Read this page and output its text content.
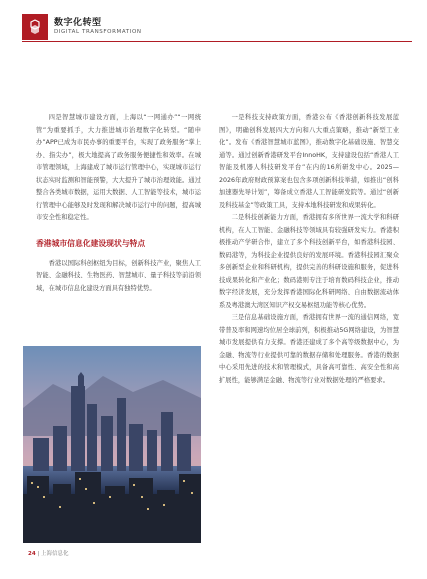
数字化转型
DIGITAL TRANSFORMATION

四是智慧城市建设方面，上海以“一网通办”“一网统管”为重要抓手，大力推进城市治理数字化转型。“随申办”APP已成为市民办事的重要平台，实现了政务服务“掌上办、指尖办”，极大地提高了政务服务便捷性和效率。在城市管理领域，上海建成了城市运行管理中心，实现城市运行状态实时监测和智能预警，大大提升了城市治理效能。通过整合各类城市数据，运用大数据、人工智能等技术，城市运行管理中心能够及时发现和解决城市运行中的问题，提高城市安全性和稳定性。

香港城市信息化建设现状与特点

香港以国际科创枢纽为目标，创新科技产业，聚焦人工智能、金融科技、生物医药、智慧城市、量子科技等前沿领域，在城市信息化建设方面具有独特优势。

一是科技支持政策方面，香港公布《香港创新科技发展蓝图》，明确创科发展四大方向和八大重点策略，推动“新型工业化”。发布《香港智慧城市蓝图》，推动数字化基础设施、智慧交通等。通过创新香港研发平台InnoHK，支持建设包括“香港人工智能及机器人科技研发平台”在内的16所研发中心。2025—2026年政府财政预算案也包含多项创新科技举措，如推出“创科加速器先导计划”，筹备成立香港人工智能研发院等。通过“创新及科技基金”等政策工具，支持本地科技研发和成果转化。

二是科技创新能力方面，香港拥有多所世界一流大学和科研机构，在人工智能、金融科技等领域具有较强研发实力。香港积极推动产学研合作，建立了多个科技创新平台，如香港科技园、数码港等，为科技企业提供良好的发展环境。香港科技园汇聚众多创新型企业和科研机构，提供完善的科研设施和服务，促进科技成果转化和产业化；数码港则专注于培育数码科技企业，推动数字经济发展，充分发挥香港国际化科研网络、自由数据流动体系及粤港澳大湾区知识产权交易枢纽功能等核心优势。

三是信息基础设施方面，香港拥有世界一流的通信网络，宽带普及率和网速均位居全球前列，积极推动5G网络建设，为智慧城市发展提供有力支撑。香港还建成了多个高等级数据中心，为金融、物流等行业提供可靠的数据存储和处理服务。香港的数据中心采用先进的技术和管理模式，具备高可靠性、高安全性和高扩展性，能够满足金融、物流等行业对数据处理的严格要求。

24 | 上海信息化
